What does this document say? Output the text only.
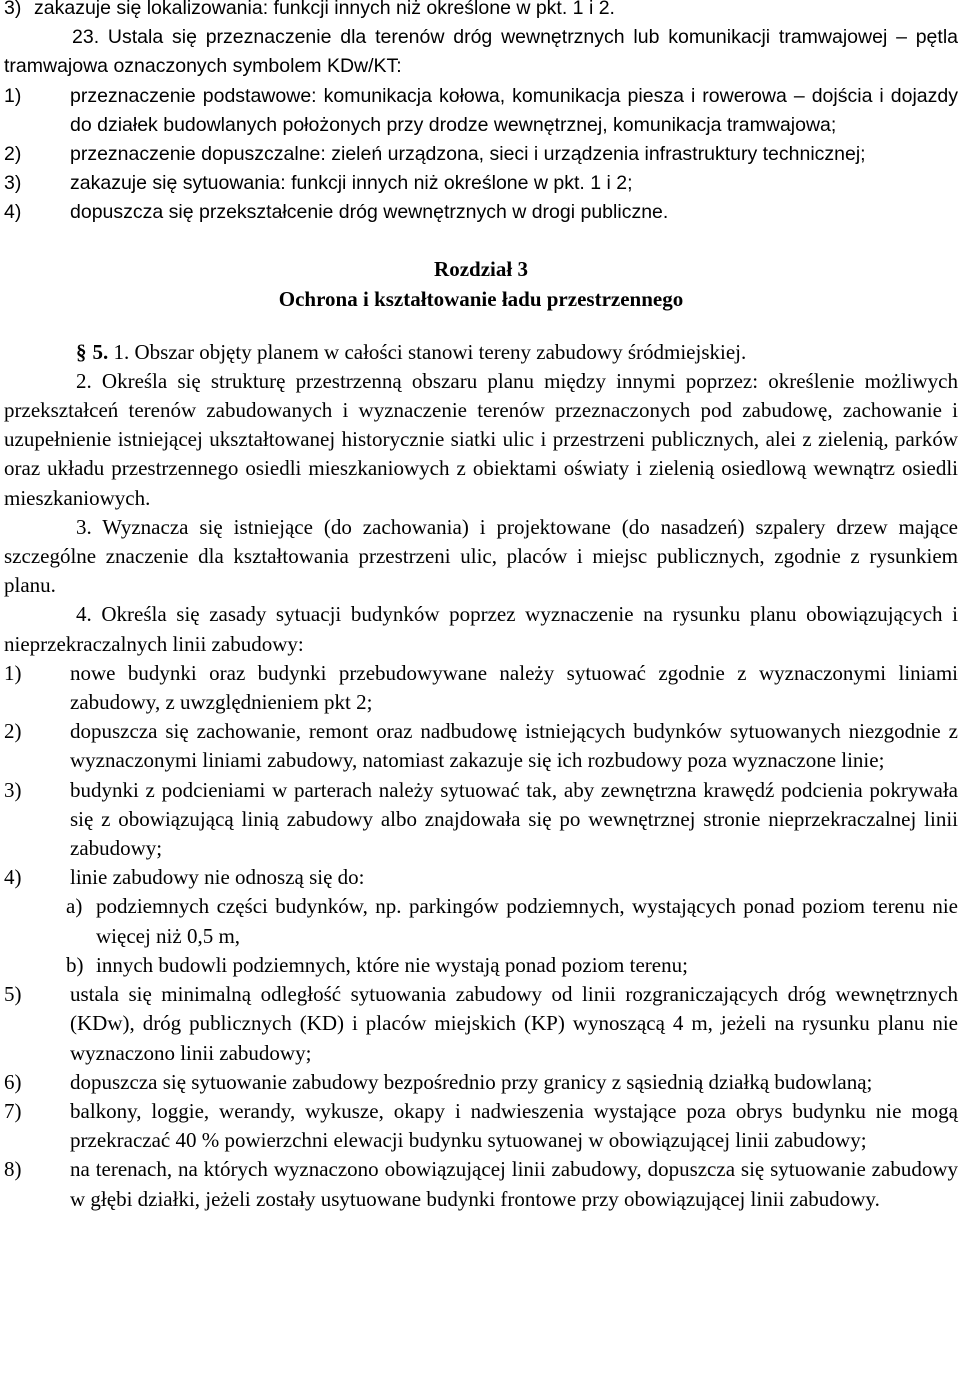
3) zakazuje się lokalizowania: funkcji innych niż określone w pkt. 1 i 2.
23. Ustala się przeznaczenie dla terenów dróg wewnętrznych lub komunikacji tramwajowej – pętla tramwajowa oznaczonych symbolem KDw/KT:
1)	przeznaczenie podstawowe: komunikacja kołowa, komunikacja piesza i rowerowa – dojścia i dojazdy do działek budowlanych położonych przy drodze wewnętrznej, komunikacja tramwajowa;
2)	przeznaczenie dopuszczalne: zieleń urządzona, sieci i urządzenia infrastruktury technicznej;
3)	zakazuje się sytuowania: funkcji innych niż określone w pkt. 1 i 2;
4)	dopuszcza się przekształcenie dróg wewnętrznych w drogi publiczne.
Rozdział 3
Ochrona i kształtowanie ładu przestrzennego
§ 5. 1. Obszar objęty planem w całości stanowi tereny zabudowy śródmiejskiej.
2. Określa się strukturę przestrzenną obszaru planu między innymi poprzez: określenie możliwych przekształceń terenów zabudowanych i wyznaczenie terenów przeznaczonych pod zabudowę, zachowanie i uzupełnienie istniejącej ukształtowanej historycznie siatki ulic i przestrzeni publicznych, alei z zielenią, parków oraz układu przestrzennego osiedli mieszkaniowych z obiektami oświaty i zielenią osiedlową wewnątrz osiedli mieszkaniowych.
3. Wyznacza się istniejące (do zachowania) i projektowane (do nasadzeń) szpalery drzew mające szczególne znaczenie dla kształtowania przestrzeni ulic, placów i miejsc publicznych, zgodnie z rysunkiem planu.
4. Określa się zasady sytuacji budynków poprzez wyznaczenie na rysunku planu obowiązujących i nieprzekraczalnych linii zabudowy:
1)	nowe budynki oraz budynki przebudowywane należy sytuować zgodnie z wyznaczonymi liniami zabudowy, z uwzględnieniem pkt 2;
2)	dopuszcza się zachowanie, remont oraz nadbudowę istniejących budynków sytuowanych niezgodnie z wyznaczonymi liniami zabudowy, natomiast zakazuje się ich rozbudowy poza wyznaczone linie;
3)	budynki z podcieniami w parterach należy sytuować tak, aby zewnętrzna krawędź podcienia pokrywała się z obowiązującą linią zabudowy albo znajdowała się po wewnętrznej stronie nieprzekraczalnej linii zabudowy;
4)	linie zabudowy nie odnoszą się do:
a) podziemnych części budynków, np. parkingów podziemnych, wystających ponad poziom terenu nie więcej niż 0,5 m,
b) innych budowli podziemnych, które nie wystają ponad poziom terenu;
5)	ustala się minimalną odległość sytuowania zabudowy od linii rozgraniczających dróg wewnętrznych (KDw), dróg publicznych (KD) i placów miejskich (KP) wynoszącą 4 m, jeżeli na rysunku planu nie wyznaczono linii zabudowy;
6)	dopuszcza się sytuowanie zabudowy bezpośrednio przy granicy z sąsiednią działką budowlaną;
7)	balkony, loggie, werandy, wykusze, okapy i nadwieszenia wystające poza obrys budynku nie mogą przekraczać 40 % powierzchni elewacji budynku sytuowanej w obowiązującej linii zabudowy;
8)	na terenach, na których wyznaczono obowiązującej linii zabudowy, dopuszcza się sytuowanie zabudowy w głębi działki, jeżeli zostały usytuowane budynki frontowe przy obowiązującej linii zabudowy.
